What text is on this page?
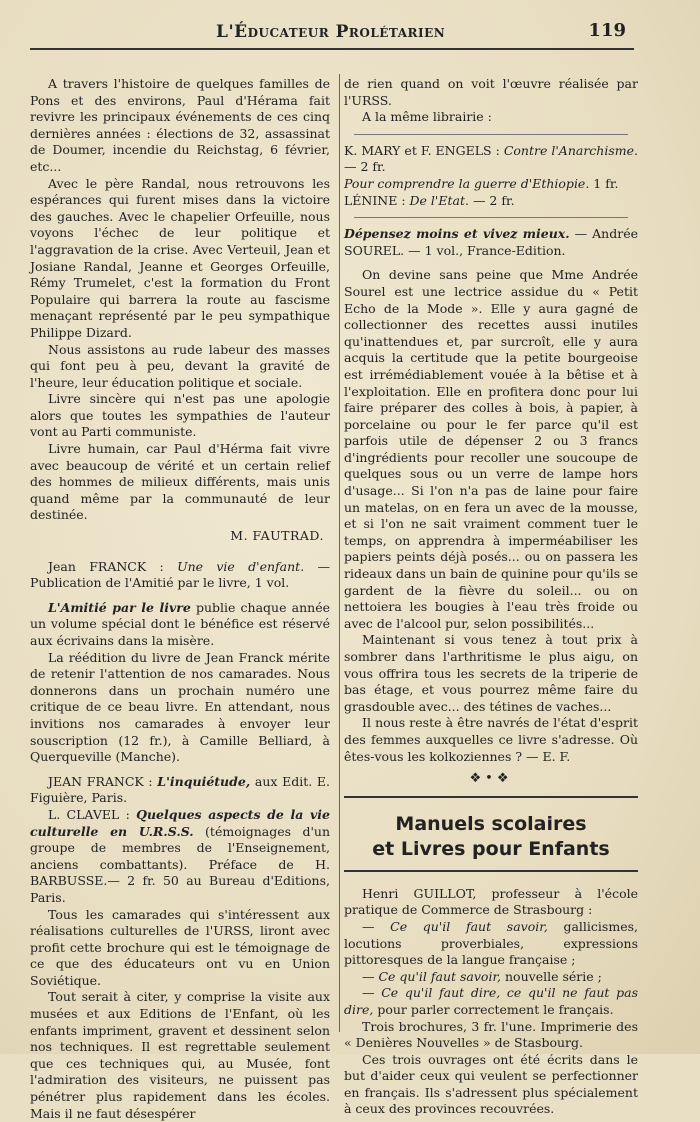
L'Éducateur Prolétarien	119

A travers l'histoire de quelques familles de Pons et des environs, Paul d'Hérama fait revivre les principaux événements de ces cinq dernières années : élections de 32, assassinat de Doumer, incendie du Reichstag, 6 février, etc...

Avec le père Randal, nous retrouvons les espérances qui furent mises dans la victoire des gauches. Avec le chapelier Orfeuille, nous voyons l'échec de leur politique et l'aggravation de la crise. Avec Verteuil, Jean et Josiane Randal, Jeanne et Georges Orfeuille, Rémy Trumelet, c'est la formation du Front Populaire qui barrera la route au fascisme menaçant représenté par le peu sympathique Philippe Dizard.

Nous assistons au rude labeur des masses qui font peu à peu, devant la gravité de l'heure, leur éducation politique et sociale.

Livre sincère qui n'est pas une apologie alors que toutes les sympathies de l'auteur vont au Parti communiste.

Livre humain, car Paul d'Hérma fait vivre avec beaucoup de vérité et un certain relief des hommes de milieux différents, mais unis quand même par la communauté de leur destinée.

M. FAUTRAD.

Jean FRANCK : Une vie d'enfant. — Publication de l'Amitié par le livre, 1 vol.

L'Amitié par le livre publie chaque année un volume spécial dont le bénéfice est réservé aux écrivains dans la misère.

La réédition du livre de Jean Franck mérite de retenir l'attention de nos camarades. Nous donnerons dans un prochain numéro une critique de ce beau livre. En attendant, nous invitions nos camarades à envoyer leur souscription (12 fr.), à Camille Belliard, à Querqueville (Manche).

JEAN FRANCK : L'inquiétude, aux Edit. E. Figuière, Paris.

L. CLAVEL : Quelques aspects de la vie culturelle en U.R.S.S. (témoignages d'un groupe de membres de l'Enseignement, anciens combattants). Préface de H. BARBUSSE.— 2 fr. 50 au Bureau d'Editions, Paris.

Tous les camarades qui s'intéressent aux réalisations culturelles de l'URSS, liront avec profit cette brochure qui est le témoignage de ce que des éducateurs ont vu en Union Soviétique.

Tout serait à citer, y comprise la visite aux musées et aux Editions de l'Enfant, où les enfants impriment, gravent et dessinent selon nos techniques. Il est regrettable seulement que ces techniques qui, au Musée, font l'admiration des visiteurs, ne puissent pas pénétrer plus rapidement dans les écoles. Mais il ne faut désespérer

de rien quand on voit l'œuvre réalisée par l'URSS.

A la même librairie :

K. MARY et F. ENGELS : Contre l'Anarchisme. — 2 fr.

Pour comprendre la guerre d'Ethiopie. 1 fr.

LÉNINE : De l'Etat. — 2 fr.

Dépensez moins et vivez mieux. — Andrée SOUREL. — 1 vol., France-Edition.

On devine sans peine que Mme Andrée Sourel est une lectrice assidue du « Petit Echo de la Mode ». Elle y aura gagné de collectionner des recettes aussi inutiles qu'inattendues et, par surcroît, elle y aura acquis la certitude que la petite bourgeoise est irrémédiablement vouée à la bêtise et à l'exploitation. Elle en profitera donc pour lui faire préparer des colles à bois, à papier, à porcelaine ou pour le fer parce qu'il est parfois utile de dépenser 2 ou 3 francs d'ingrédients pour recoller une soucoupe de quelques sous ou un verre de lampe hors d'usage... Si l'on n'a pas de laine pour faire un matelas, on en fera un avec de la mousse, et si l'on ne sait vraiment comment tuer le temps, on apprendra à imperméabiliser les papiers peints déjà posés... ou on passera les rideaux dans un bain de quinine pour qu'ils se gardent de la fièvre du soleil... ou on nettoiera les bougies à l'eau très froide ou avec de l'alcool pur, selon possibilités...

Maintenant si vous tenez à tout prix à sombrer dans l'arthritisme le plus aigu, on vous offrira tous les secrets de la triperie de bas étage, et vous pourrez même faire du grasdouble avec... des tétines de vaches...

Il nous reste à être navrés de l'état d'esprit des femmes auxquelles ce livre s'adresse. Où êtes-vous les kolkoziennes ? — E. F.

❖•❖
Manuels scolaires
et Livres pour Enfants

Henri GUILLOT, professeur à l'école pratique de Commerce de Strasbourg :

— Ce qu'il faut savoir, gallicismes, locutions proverbiales, expressions pittoresques de la langue française ;

— Ce qu'il faut savoir, nouvelle série ;

— Ce qu'il faut dire, ce qu'il ne faut pas dire, pour parler correctement le français.

Trois brochures, 3 fr. l'une. Imprimerie des « Denières Nouvelles » de Stasbourg.

Ces trois ouvrages ont été écrits dans le but d'aider ceux qui veulent se perfectionner en français. Ils s'adressent plus spécialement à ceux des provinces recouvrées.
